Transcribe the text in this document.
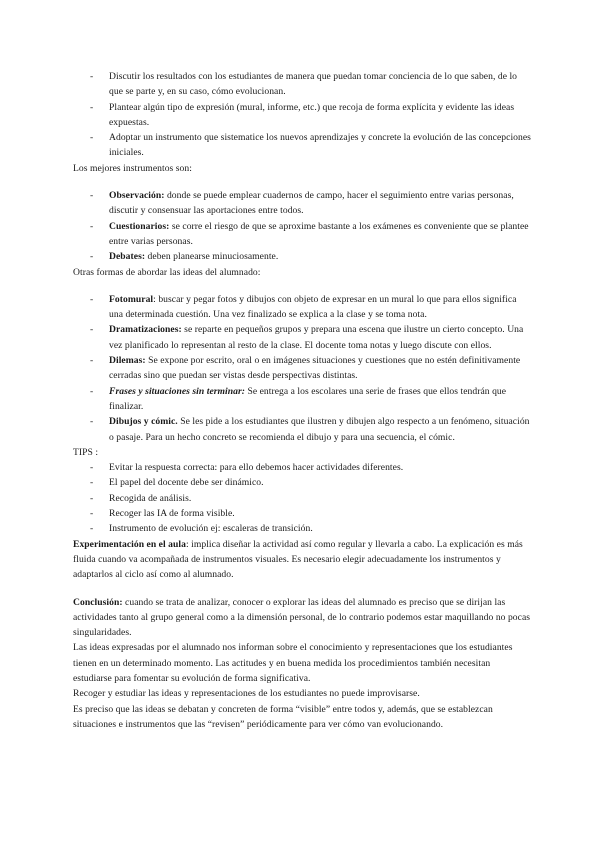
- Discutir los resultados con los estudiantes de manera que puedan tomar conciencia de lo que saben, de lo que se parte y, en su caso, cómo evolucionan.
- Plantear algún tipo de expresión (mural, informe, etc.) que recoja de forma explícita y evidente las ideas expuestas.
- Adoptar un instrumento que sistematice los nuevos aprendizajes y concrete la evolución de las concepciones iniciales.

Los mejores instrumentos son:

- Observación: donde se puede emplear cuadernos de campo, hacer el seguimiento entre varias personas, discutir y consensuar las aportaciones entre todos.
- Cuestionarios: se corre el riesgo de que se aproxime bastante a los exámenes es conveniente que se plantee entre varias personas.
- Debates: deben planearse minuciosamente.

Otras formas de abordar las ideas del alumnado:

- Fotomural: buscar y pegar fotos y dibujos con objeto de expresar en un mural lo que para ellos significa una determinada cuestión. Una vez finalizado se explica a la clase y se toma nota.
- Dramatizaciones: se reparte en pequeños grupos y prepara una escena que ilustre un cierto concepto. Una vez planificado lo representan al resto de la clase. El docente toma notas y luego discute con ellos.
- Dilemas: Se expone por escrito, oral o en imágenes situaciones y cuestiones que no estén definitivamente cerradas sino que puedan ser vistas desde perspectivas distintas.
- Frases y situaciones sin terminar: Se entrega a los escolares una serie de frases que ellos tendrán que finalizar.
- Dibujos y cómic. Se les pide a los estudiantes que ilustren y dibujen algo respecto a un fenómeno, situación o pasaje. Para un hecho concreto se recomienda el dibujo y para una secuencia, el cómic.

TIPS :

- Evitar la respuesta correcta: para ello debemos hacer actividades diferentes.
- El papel del docente debe ser dinámico.
- Recogida de análisis.
- Recoger las IA de forma visible.
- Instrumento de evolución ej: escaleras de transición.

Experimentación en el aula: implica diseñar la actividad así como regular y llevarla a cabo. La explicación es más fluida cuando va acompañada de instrumentos visuales. Es necesario elegir adecuadamente los instrumentos y adaptarlos al ciclo así como al alumnado.

Conclusión: cuando se trata de analizar, conocer o explorar las ideas del alumnado es preciso que se dirijan las actividades tanto al grupo general como a la dimensión personal, de lo contrario podemos estar maquillando no pocas singularidades.

Las ideas expresadas por el alumnado nos informan sobre el conocimiento y representaciones que los estudiantes tienen en un determinado momento. Las actitudes y en buena medida los procedimientos también necesitan estudiarse para fomentar su evolución de forma significativa.

Recoger y estudiar las ideas y representaciones de los estudiantes no puede improvisarse.

Es preciso que las ideas se debatan y concreten de forma “visible” entre todos y, además, que se establezcan situaciones e instrumentos que las “revisen” periódicamente para ver cómo van evolucionando.
